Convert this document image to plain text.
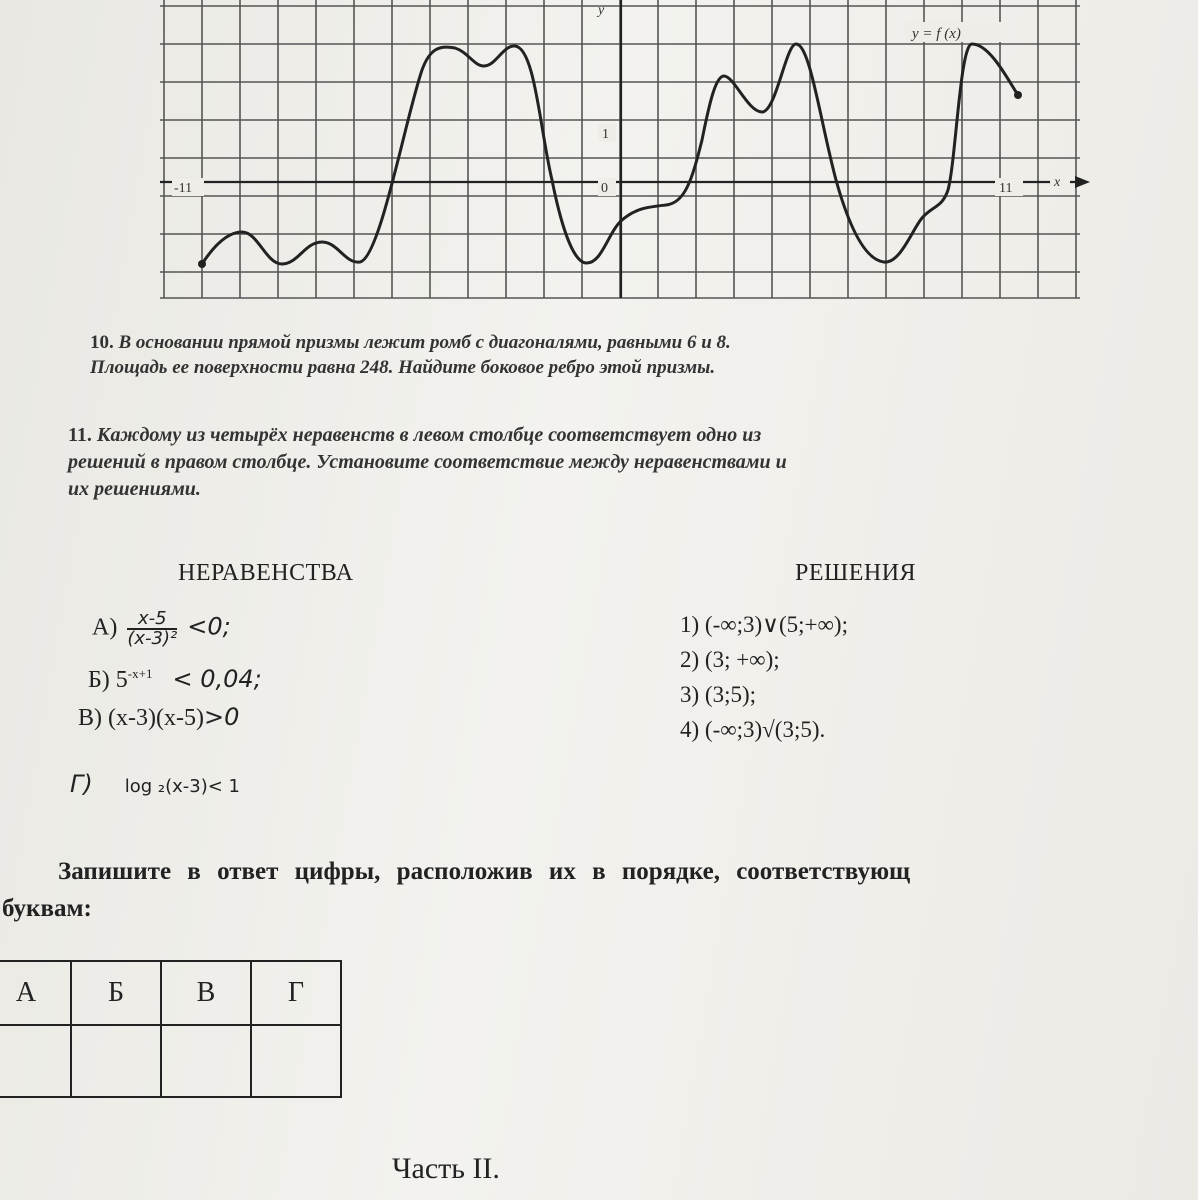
y = f (x)
y
x
1
0
-11	11
10. В основании прямой призмы лежит ромб с диагоналями, равными 6 и 8.
Площадь ее поверхности равна 248. Найдите боковое ребро этой призмы.
11. Каждому из четырёх неравенств в левом столбце соответствует одно из
решений в правом столбце. Установите соответствие между неравенствами и
их решениями.
НЕРАВЕНСТВА	РЕШЕНИЯ
$А) \frac{x-5}{\text{(x-3)²}} <0$;
Б) $5^{-x+1} < 0,04$;
В) (x-3)(x-5)>0
Г) log ₂(x-3)< 1
1) (-∞;3)∨(5;+∞);
2) (3; +∞);
3) (3;5);
4) (-∞;3)√(3;5).
Запишите в ответ цифры, расположив их в порядке, соответствующ
буквам:
А	Б	В	Г

Часть II.
